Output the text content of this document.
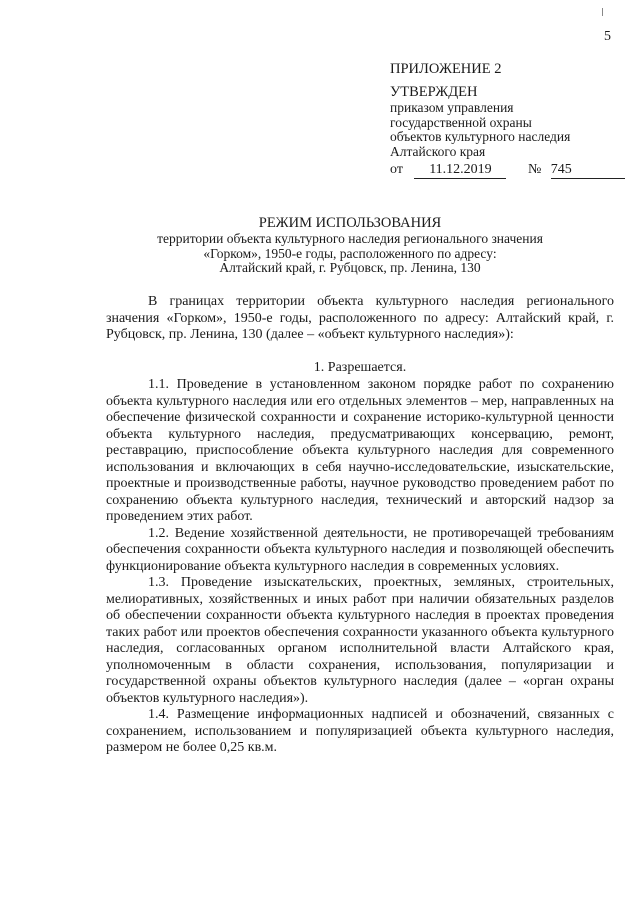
5
ПРИЛОЖЕНИЕ 2
УТВЕРЖДЕН
приказом управления
государственной охраны
объектов культурного наследия
Алтайского края
от 11.12.2019	№ 745
РЕЖИМ ИСПОЛЬЗОВАНИЯ
территории объекта культурного наследия регионального значения
«Горком», 1950-е годы, расположенного по адресу:
Алтайский край, г. Рубцовск, пр. Ленина, 130

В границах территории объекта культурного наследия регионального значения «Горком», 1950-е годы, расположенного по адресу: Алтайский край, г. Рубцовск, пр. Ленина, 130 (далее – «объект культурного наследия»):

1. Разрешается.

1.1. Проведение в установленном законом порядке работ по сохранению объекта культурного наследия или его отдельных элементов – мер, направленных на обеспечение физической сохранности и сохранение историко-культурной ценности объекта культурного наследия, предусматривающих консервацию, ремонт, реставрацию, приспособление объекта культурного наследия для современного использования и включающих в себя научно-исследовательские, изыскательские, проектные и производственные работы, научное руководство проведением работ по сохранению объекта культурного наследия, технический и авторский надзор за проведением этих работ.

1.2. Ведение хозяйственной деятельности, не противоречащей требованиям обеспечения сохранности объекта культурного наследия и позволяющей обеспечить функционирование объекта культурного наследия в современных условиях.

1.3. Проведение изыскательских, проектных, земляных, строительных, мелиоративных, хозяйственных и иных работ при наличии обязательных разделов об обеспечении сохранности объекта культурного наследия в проектах проведения таких работ или проектов обеспечения сохранности указанного объекта культурного наследия, согласованных органом исполнительной власти Алтайского края, уполномоченным в области сохранения, использования, популяризации и государственной охраны объектов культурного наследия (далее – «орган охраны объектов культурного наследия»).

1.4. Размещение информационных надписей и обозначений, связанных с сохранением, использованием и популяризацией объекта культурного наследия, размером не более 0,25 кв.м.
